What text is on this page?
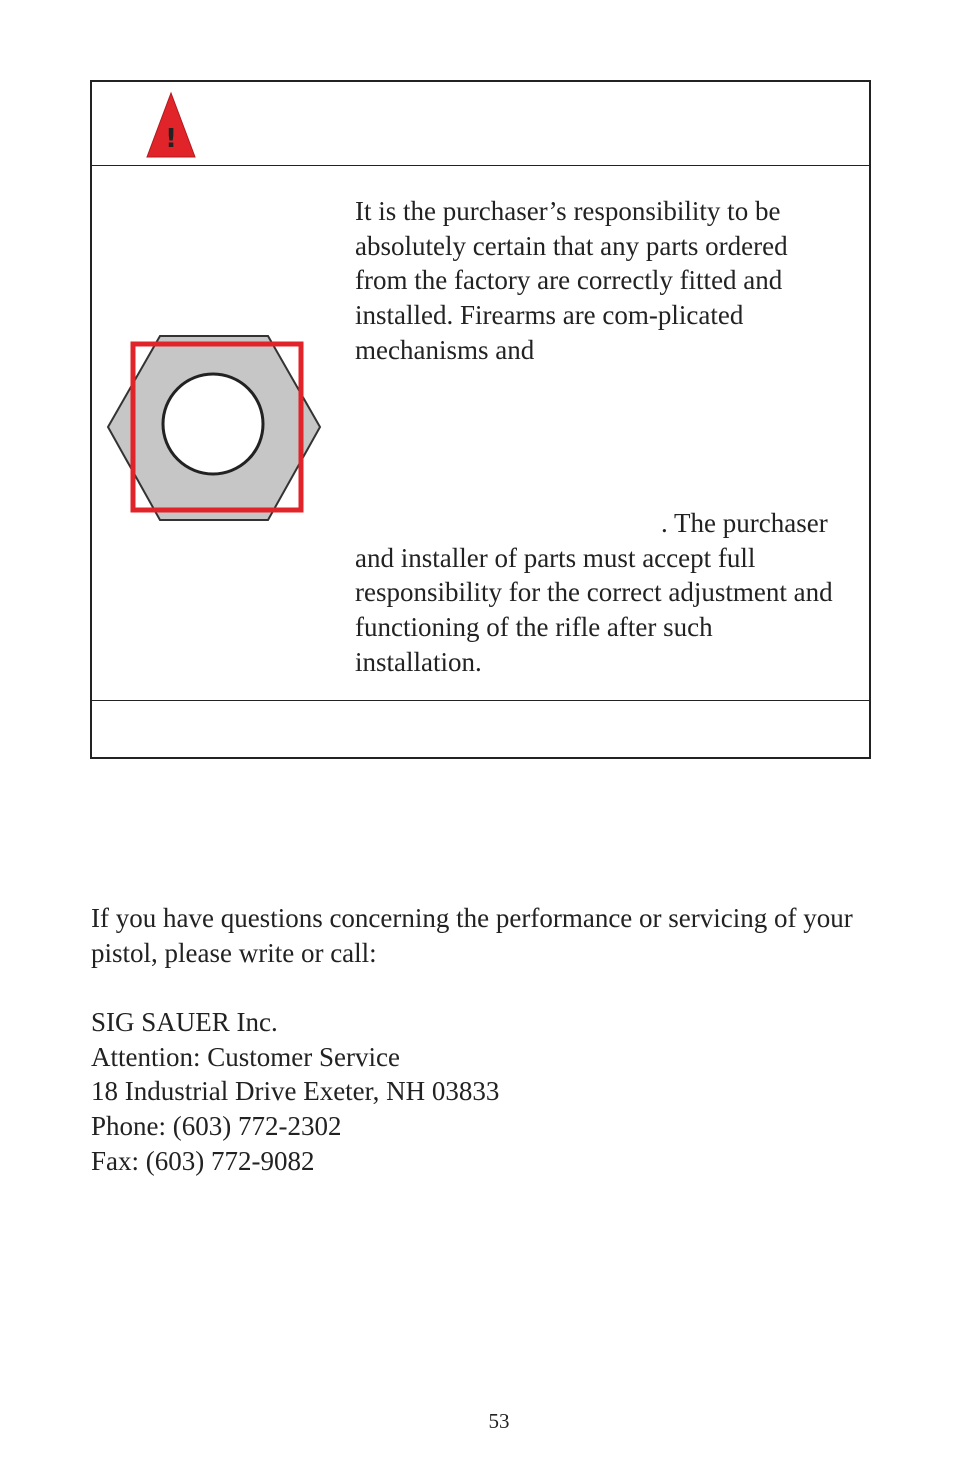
!
It is the purchaser’s responsibility to be absolutely certain that any parts ordered from the factory are correctly fitted and installed. Firearms are com-plicated mechanisms and
. The purchaser
and installer of parts must accept full responsibility for the correct adjustment and functioning of the rifle after such installation.
If you have questions concerning the performance or servicing of your pistol, please write or call:
SIG SAUER Inc.
Attention: Customer Service
18 Industrial Drive Exeter, NH 03833
Phone: (603) 772-2302
Fax: (603) 772-9082
53
